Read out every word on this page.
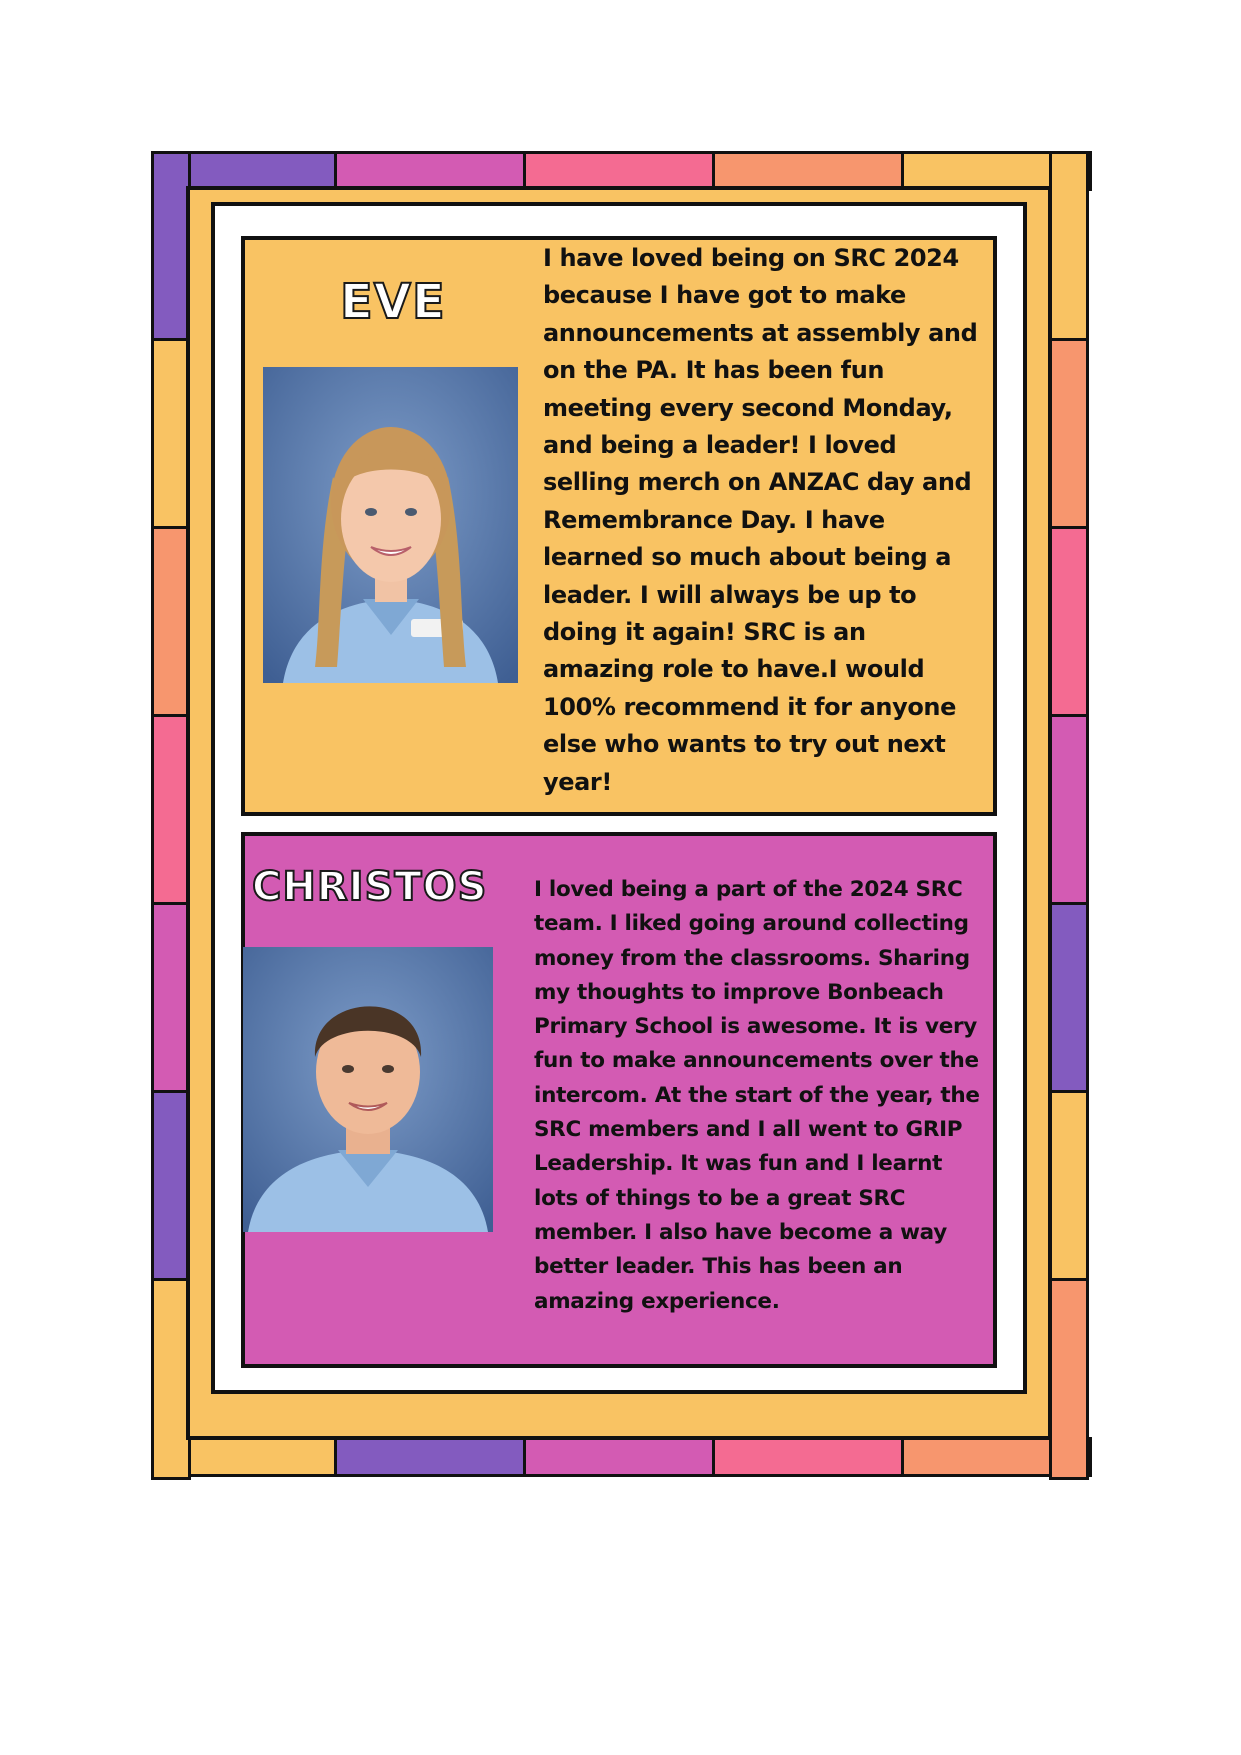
EVE

I have loved being on SRC 2024 because I have got to make announcements at assembly and on the PA. It has been fun meeting every second Monday, and being a leader! I loved selling merch on ANZAC day and Remembrance Day. I have learned so much about being a leader. I will always be up to doing it again! SRC is an amazing role to have.I would 100% recommend it for anyone else who wants to try out next year!

CHRISTOS I loved being a part of the 2024 SRC team. I liked going around collecting money from the classrooms. Sharing my thoughts to improve Bonbeach Primary School is awesome. It is very fun to make announcements over the intercom. At the start of the year, the SRC members and I all went to GRIP Leadership. It was fun and I learnt lots of things to be a great SRC member. I also have become a way better leader. This has been an amazing experience.
